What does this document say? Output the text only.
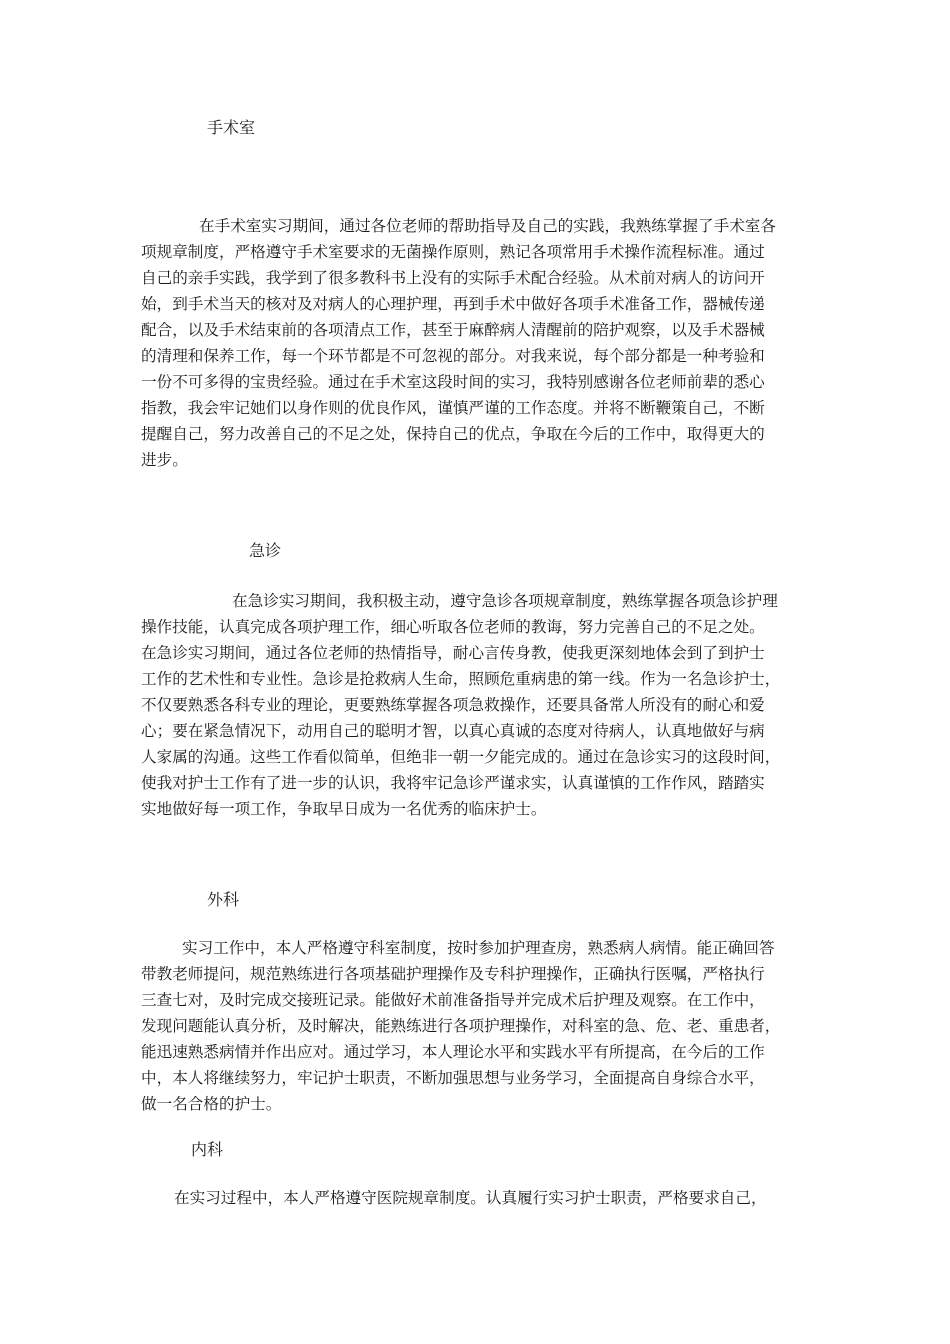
手术室
在手术室实习期间，通过各位老师的帮助指导及自己的实践，我熟练掌握了手术室各
项规章制度，严格遵守手术室要求的无菌操作原则，熟记各项常用手术操作流程标准。通过
自己的亲手实践，我学到了很多教科书上没有的实际手术配合经验。从术前对病人的访问开
始，到手术当天的核对及对病人的心理护理，再到手术中做好各项手术准备工作，器械传递
配合，以及手术结束前的各项清点工作，甚至于麻醉病人清醒前的陪护观察，以及手术器械
的清理和保养工作，每一个环节都是不可忽视的部分。对我来说，每个部分都是一种考验和
一份不可多得的宝贵经验。通过在手术室这段时间的实习，我特别感谢各位老师前辈的悉心
指教，我会牢记她们以身作则的优良作风，谨慎严谨的工作态度。并将不断鞭策自己，不断
提醒自己，努力改善自己的不足之处，保持自己的优点，争取在今后的工作中，取得更大的
进步。
急诊
在急诊实习期间，我积极主动，遵守急诊各项规章制度，熟练掌握各项急诊护理
操作技能，认真完成各项护理工作，细心听取各位老师的教诲，努力完善自己的不足之处。
在急诊实习期间，通过各位老师的热情指导，耐心言传身教，使我更深刻地体会到了到护士
工作的艺术性和专业性。急诊是抢救病人生命，照顾危重病患的第一线。作为一名急诊护士，
不仅要熟悉各科专业的理论，更要熟练掌握各项急救操作，还要具备常人所没有的耐心和爱
心；要在紧急情况下，动用自己的聪明才智，以真心真诚的态度对待病人，认真地做好与病
人家属的沟通。这些工作看似简单，但绝非一朝一夕能完成的。通过在急诊实习的这段时间，
使我对护士工作有了进一步的认识，我将牢记急诊严谨求实，认真谨慎的工作作风，踏踏实
实地做好每一项工作，争取早日成为一名优秀的临床护士。
外科
实习工作中，本人严格遵守科室制度，按时参加护理查房，熟悉病人病情。能正确回答
带教老师提问，规范熟练进行各项基础护理操作及专科护理操作，正确执行医嘱，严格执行
三查七对，及时完成交接班记录。能做好术前准备指导并完成术后护理及观察。在工作中，
发现问题能认真分析，及时解决，能熟练进行各项护理操作，对科室的急、危、老、重患者，
能迅速熟悉病情并作出应对。通过学习，本人理论水平和实践水平有所提高，在今后的工作
中，本人将继续努力，牢记护士职责，不断加强思想与业务学习，全面提高自身综合水平，
做一名合格的护士。
内科
在实习过程中，本人严格遵守医院规章制度。认真履行实习护士职责，严格要求自己，
